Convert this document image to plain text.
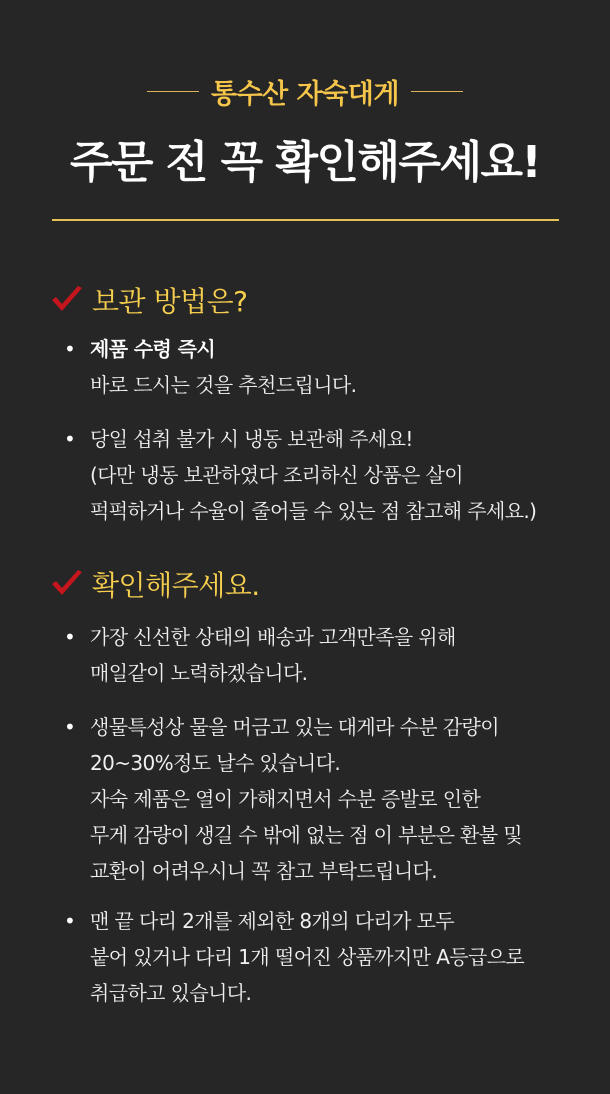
통수산 자숙대게
주문 전 꼭 확인해주세요!
보관 방법은?
• 제품 수령 즉시
바로 드시는 것을 추천드립니다.
• 당일 섭취 불가 시 냉동 보관해 주세요!
(다만 냉동 보관하였다 조리하신 상품은 살이
퍽퍽하거나 수율이 줄어들 수 있는 점 참고해 주세요.)
확인해주세요.
• 가장 신선한 상태의 배송과 고객만족을 위해
매일같이 노력하겠습니다.
• 생물특성상 물을 머금고 있는 대게라 수분 감량이
20~30%정도 날수 있습니다.
자숙 제품은 열이 가해지면서 수분 증발로 인한
무게 감량이 생길 수 밖에 없는 점 이 부분은 환불 및
교환이 어려우시니 꼭 참고 부탁드립니다.
• 맨 끝 다리 2개를 제외한 8개의 다리가 모두
붙어 있거나 다리 1개 떨어진 상품까지만 A등급으로
취급하고 있습니다.
